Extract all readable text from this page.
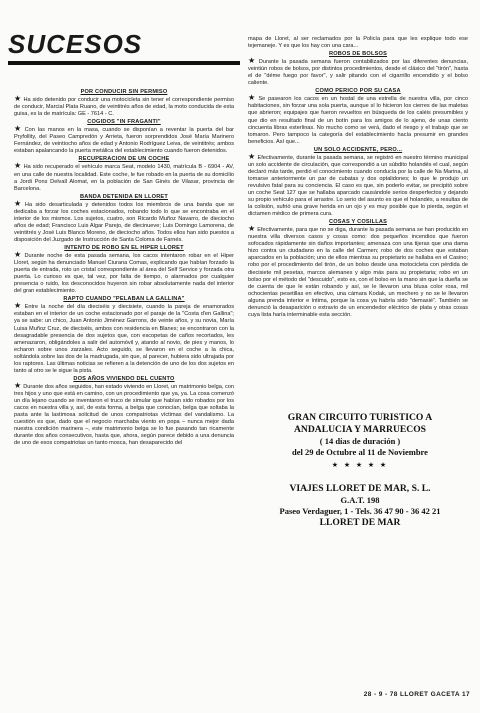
SUCESOS
POR CONDUCIR SIN PERMISO

★ Ha sido detenido por conducir una motocicleta sin tener el correspondiente permiso de conducir, Marcial Plata Ruano, de veintitrés años de edad, la moto conducida de esta guisa, es la de matrícula: GE - 7614 - C.

COGIDOS "IN FRAGANTI"

★ Con las manos en la masa, cuando se disponían a reventar la puerta del bar Pryfollity, del Paseo Campredón y Arrieta, fueron sorprendidos José María Marinero Fernández, de veintiocho años de edad y Antonio Rodríguez Leiva, de veintitrés; ambos estaban apalancando la puerta metálica del establecimiento cuando fueron detenidos.

RECUPERACION DE UN COCHE

★ Ha sido recuperado el vehículo marca Seat, modelo 1430, matrícula B - 6904 - AV, en una calle de nuestra localidad. Este coche, le fue robado en la puerta de su domicilio a Jordi Pons Delvall Alomat, en la población de San Ginés de Vilasar, provincia de Barcelona.

BANDA DETENIDA EN LLORET

★ Ha sido desarticulada y detenidos todos los miembros de una banda que se dedicaba a forzar los coches estacionados, robando todo lo que se encontraba en el interior de los mismos. Los sujetos, cuatro, son Ricardo Muñoz Navarro, de dieciocho años de edad; Francisco Luis Algar Parejo, de diecinueve; Luis Domingo Lamorena, de veintitrés y José Luis Blanco Moreno, de dieciocho años. Todos ellos han sido puestos a disposición del Juzgado de Instrucción de Santa Coloma de Farnés.

INTENTO DE ROBO EN EL HIPER LLORET

★ Durante noche de esta pasada semana, los cacos intentaron robar en el Hiper Lloret, según ha denunciado Manuel Ciurana Comas, explicando que habían forzado la puerta de entrada, roto un cristal correspondiente al área del Self Service y forzada otra puerta. Lo curioso es que, tal vez, por falta de tiempo, o alarmados por cualquier presencia o ruido, los desconocidos huyeron sin robar absolutamente nada del interior del gran establecimiento.

RAPTO CUANDO "PELABAN LA GALLINA"

★ Entre la noche del día dieciséis y diecisiete, cuando la pareja de enamorados estaban en el interior de un coche estacionado por el paraje de la "Costa d'en Gallina"; ya se sabe: un chico, Juan Antonio Jiménez Garrons, de veinte años, y su novia, María Luisa Muñoz Cruz, de dieciséis, ambos con residencia en Blanes; se encontraron con la desagradable presencia de dos sujetos que, con escopetas de caños recortados, les amenazaron, obligándoles a salir del automóvil y, atando al novio, de pies y manos, lo echaron sobre unos zarzales. Acto seguido, se llevaron en el coche a la chica, soltándola sobre las dos de la madrugada, sin que, al parecer, hubiera sido ultrajada por los raptores. Las últimas noticias se refieren a la detención de uno de los dos sujetos en tanto al otro se le sigue la pista.

DOS AÑOS VIVIENDO DEL CUENTO

★ Durante dos años seguidos, han estado viviendo en Lloret, un matrimonio belga, con tres hijos y uno que está en camino, con un procedimiento que ya, ya. La cosa comenzó un día lejano cuando se inventaron el truco de simular que habían sido robados por los cacos en nuestra villa y, así, de esta forma, a belga que conocían, belga que soltaba la pasta ante la lastimosa solicitud de unos compatriotas víctimas del vandalismo. La cuestión es que, dado que el negocio marchaba viento en popa – nunca mejor dada nuestra condición marinera –, este matrimonio belga se lo fue pasando tan ricamente durante dos años consecutivos, hasta que, ahora, según parece debido a una denuncia de uno de esos compatriotas un tanto mosca, han desaparecido del

mapa de Lloret, al ser reclamados por la Policía para que les explique todo ese tejemaneje. Y es que los hay con una cara...

ROBOS DE BOLSOS

★ Durante la pasada semana fueron contabilizados por las diferentes denuncias, veintiún robos de bolsos, por distintos procedimientos, desde el clásico del "tirón", hasta el de "déme fuego por favor", y salir pitando con el cigarrillo encendido y el bolso caliente.

COMO PERICO POR SU CASA

★ Se pasearon los cacos en un hostal de una estrella de nuestra villa, por cinco habitaciones, sin forzar una sola puerta, aunque sí lo hicieron los cierres de las maletas que abrieron; equipajes que fueron revueltos en búsqueda de los caléis presumibles y que dio en resultado final de un botín para los amigos de lo ajeno, de unas ciento cincuenta libras esterlinas. No mucho como se verá, dado el riesgo y el trabajo que se tomaron. Pero tampoco la categoría del establecimiento hacía presumir en grandes beneficios. Así que...

UN SOLO ACCIDENTE, PERO...

★ Efectivamente, durante la pasada semana, se registró en nuestro término municipal un solo accidente de circulación, que correspondió a un súbdito holandés el cual, según declaró más tarde, perdió el conocimiento cuando conducía por la calle de Na Marina, al tomarse anteriormente un par de cubatas y dos optalidones; lo que le produjo un revulsivo fatal para su conciencia. El caso es que, sin poderlo evitar, se precipitó sobre un coche Seat 127 que se hallaba aparcado causándole serios desperfectos y dejando su propio vehículo para el arrastre. Lo serio del asunto es que el holandés, a resultas de la colisión, sufrió una grave herida en un ojo y es muy posible que lo pierda, según el dictamen médico de primera cura.

COSAS Y COSILLAS

★ Efectivamente, para que no se diga, durante la pasada semana se han producido en nuestra villa diversos casos y cosas como: dos pequeños incendios que fueron sofocados rápidamente sin daños importantes; amenaza con una tijeras que una dama hizo contra un ciudadano en la calle del Carmen; robo de dos coches que estaban aparcados en la población; uno de ellos mientras su propietario se hallaba en el Casino; robo por el procedimiento del tirón, de un bolso desde una motocicleta con pérdida de diecisiete mil pesetas, marcos alemanes y algo más para su propietaria; robo en un bolso por el método del "descuido", esto es, con el bolso en la mano sin que la dueña se de cuenta de que le están robando y así, se le llevaron una blusa color rosa, mil ochocientas pesetillas en efectivo, una cámara Kodak, un mechero y no se le llevaron alguna prenda interior e íntima, porque la cosa ya habría sido "demasié". También se denunció la desaparición o extravío de un encendedor eléctrico de plata y otras cosas cuya lista haría interminable esta sección.

GRAN CIRCUITO TURISTICO A
ANDALUCIA Y MARRUECOS
( 14 días de duración )
del 29 de Octubre al 11 de Noviembre
★ ★ ★ ★ ★
VIAJES LLORET DE MAR, S. L.
G.A.T. 198
Paseo Verdaguer, 1 - Tels. 36 47 90 - 36 42 21
LLORET DE MAR
28 - 9 - 78 LLORET GACETA 17
